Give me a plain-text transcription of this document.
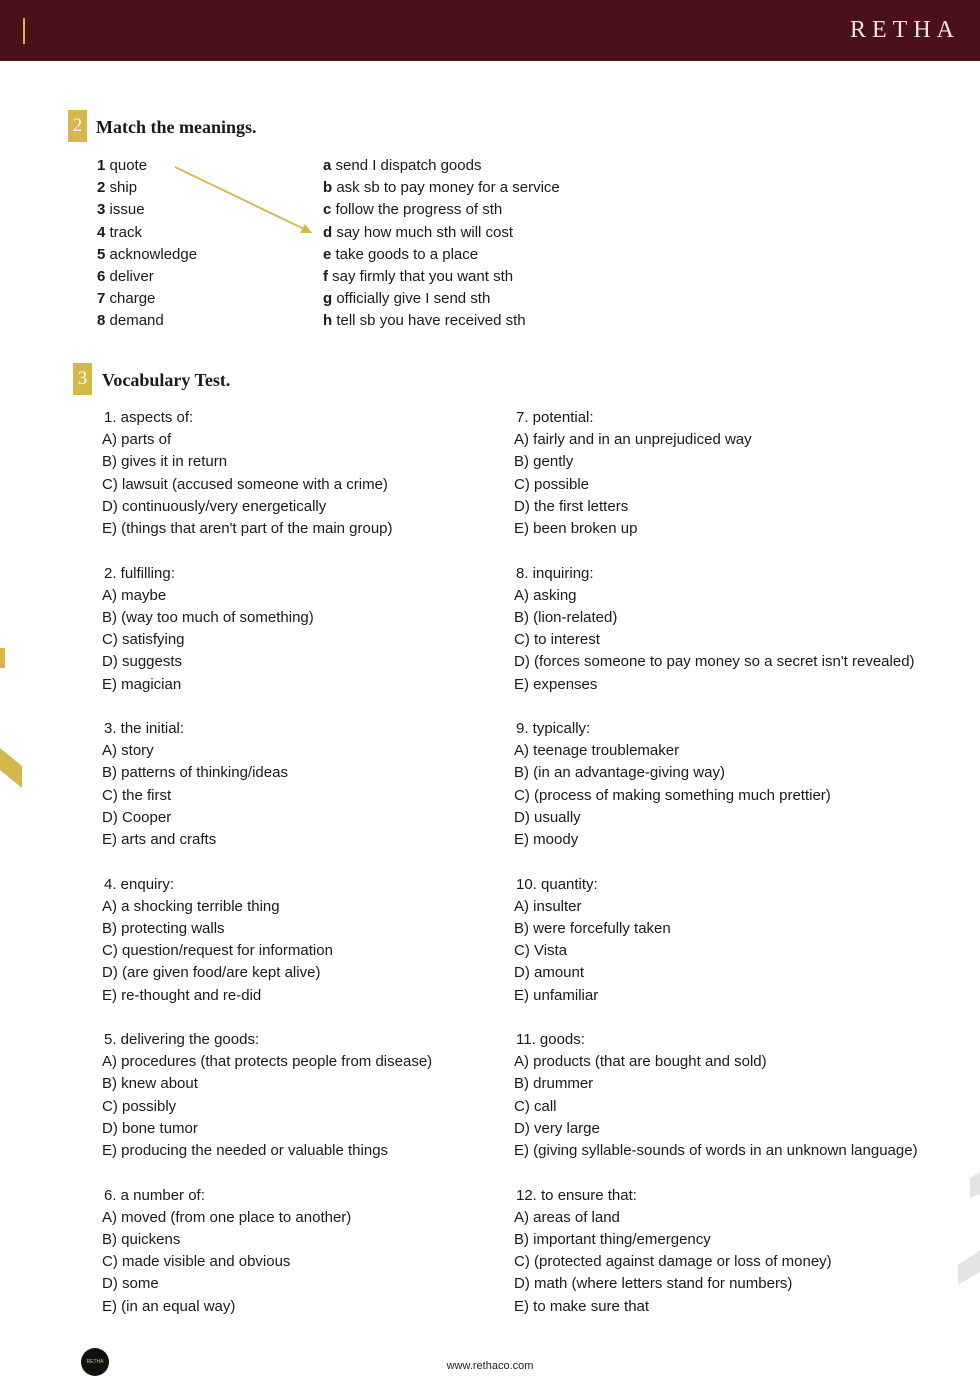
RETHA
2 Match the meanings.
1 quote
2 ship
3 issue
4 track
5 acknowledge
6 deliver
7 charge
8 demand
a send I dispatch goods
b ask sb to pay money for a service
c follow the progress of sth
d say how much sth will cost
e take goods to a place
f say firmly that you want sth
g officially give I send sth
h tell sb you have received sth
3 Vocabulary Test.
1. aspects of:
A) parts of
B) gives it in return
C) lawsuit (accused someone with a crime)
D) continuously/very energetically
E) (things that aren't part of the main group)
2. fulfilling:
A) maybe
B) (way too much of something)
C) satisfying
D) suggests
E) magician
3. the initial:
A) story
B) patterns of thinking/ideas
C) the first
D) Cooper
E) arts and crafts
4. enquiry:
A) a shocking terrible thing
B) protecting walls
C) question/request for information
D) (are given food/are kept alive)
E) re-thought and re-did
5. delivering the goods:
A) procedures (that protects people from disease)
B) knew about
C) possibly
D) bone tumor
E) producing the needed or valuable things
6. a number of:
A) moved (from one place to another)
B) quickens
C) made visible and obvious
D) some
E) (in an equal way)
7. potential:
A) fairly and in an unprejudiced way
B) gently
C) possible
D) the first letters
E) been broken up
8. inquiring:
A) asking
B) (lion-related)
C) to interest
D) (forces someone to pay money so a secret isn't revealed)
E) expenses
9. typically:
A) teenage troublemaker
B) (in an advantage-giving way)
C) (process of making something much prettier)
D) usually
E) moody
10. quantity:
A) insulter
B) were forcefully taken
C) Vista
D) amount
E) unfamiliar
11. goods:
A) products (that are bought and sold)
B) drummer
C) call
D) very large
E) (giving syllable-sounds of words in an unknown language)
12. to ensure that:
A) areas of land
B) important thing/emergency
C) (protected against damage or loss of money)
D) math (where letters stand for numbers)
E) to make sure that
RETHA	www.rethaco.com
